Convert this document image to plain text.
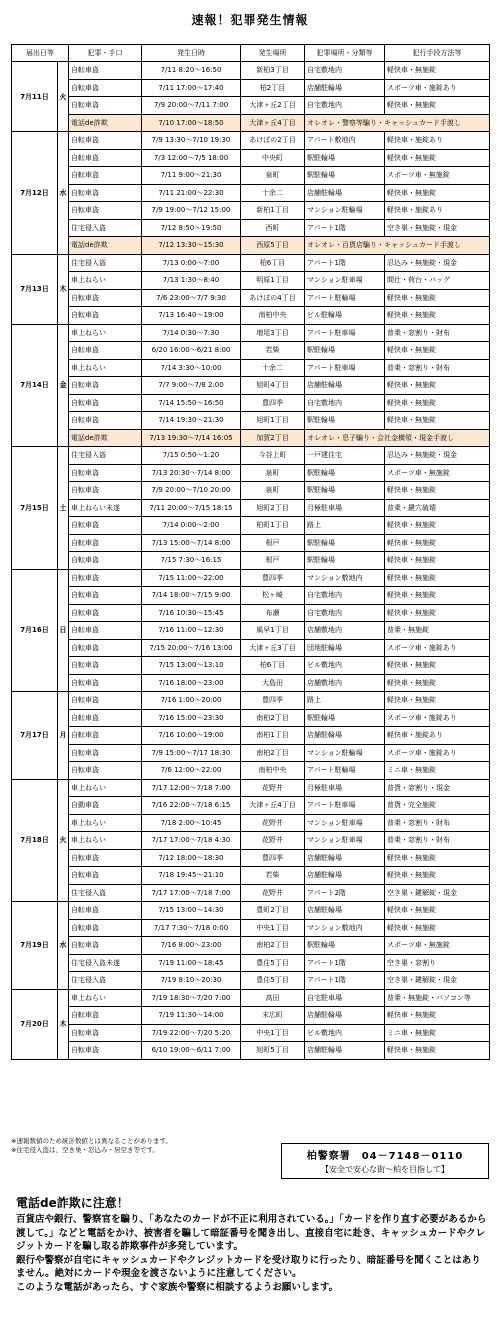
速報！犯罪発生情報
届出日等		犯罪・手口	発生日時	発生場所	犯罪場所・分類等	犯行手段方法等
7月11日	火	自転車盗	7/11 8:20～16:50	新柏3丁目	自宅敷地内	軽快車・無施錠
		自転車盗	7/11 17:00～17:40	柏2丁目	店舗駐輪場	スポーツ車・施錠あり
		自転車盗	7/9 20:00～7/11 7:00	大津ヶ丘2丁目	自宅敷地内	軽快車・無施錠
		電話de詐欺	7/10 17:00～18:50	大津ヶ丘4丁目	オレオレ・警察等騙り・キャッシュカード手渡し	
7月12日	水	自転車盗	7/9 13:30～7/10 19:30	あけぼの2丁目	アパート敷地内	軽快車・施錠あり
		自転車盗	7/3 12:00～7/5 18:00	中央町	駅駐輪場	軽快車・無施錠
		自転車盗	7/11 9:00～21:30	泉町	駅駐輪場	スポーツ車・無施錠
		自転車盗	7/11 21:00～22:30	十余二	店舗駐輪場	軽快車・無施錠
		自転車盗	7/9 19:00～7/12 15:00	新柏1丁目	マンション駐輪場	軽快車・施錠あり
		住宅侵入盗	7/12 8:50～19:50	西町	アパート1階	空き巣・無施錠・現金
		電話de詐欺	7/12 13:30～15:30	西原5丁目	オレオレ・百貨店騙り・キャッシュカード手渡し	
7月13日	木	住宅侵入盗	7/13 0:00～7:00	柏6丁目	アパート1階	忍込み・無施錠・現金
		車上ねらい	7/13 1:30～8:40	明原1丁目	マンション駐車場	間仕・荷台・バッグ
		自転車盗	7/6 23:00～7/7 9:30	あけぼの4丁目	アパート駐輪場	軽快車・無施錠
		自転車盗	7/13 16:40～19:00	南柏中央	ビル駐輪場	軽快車・無施錠
7月14日	金	車上ねらい	7/14 0:30～7:30	増尾3丁目	アパート駐車場	普乗・窓割り・財布
		自転車盗	6/20 16:00～6/21 8:00	若柴	駅駐輪場	軽快車・無施錠
		車上ねらい	7/14 3:30～10:00	十余二	アパート駐車場	普乗・窓割り・財布
		自転車盗	7/7 9:00～7/8 2:00	旭町4丁目	店舗駐輪場	軽快車・無施錠
		自転車盗	7/14 15:50～16:50	豊四季	自宅敷地内	軽快車・無施錠
		自転車盗	7/14 19:30～21:30	旭町1丁目	駅駐輪場	軽快車・無施錠
		電話de詐欺	7/13 19:30～7/14 16:05	加賀2丁目	オレオレ・息子騙り・会社金横領・現金手渡し	
7月15日	土	住宅侵入盗	7/15 0:50～1:20	今谷上町	一戸建住宅	忍込み・無施錠・現金
		自転車盗	7/13 20:30～7/14 8:00	泉町	駅駐輪場	スポーツ車・無施錠
		自転車盗	7/9 20:00～7/10 20:00	泉町	駅駐輪場	軽快車・無施錠
		車上ねらい未遂	7/11 20:00～7/15 18:15	旭町2丁目	月極駐車場	普乗・鍵穴破壊
		自転車盗	7/14 0:00～2:00	柏町1丁目	路上	軽快車・無施錠
		自転車盗	7/13 15:00～7/14 8:00	根戸	駅駐輪場	軽快車・無施錠
		自転車盗	7/15 7:30～16:15	根戸	駅駐輪場	軽快車・無施錠
7月16日	日	自転車盗	7/15 11:00～22:00	豊四季	マンション敷地内	軽快車・無施錠
		自転車盗	7/14 18:00～7/15 9:00	松ヶ崎	自宅敷地内	軽快車・無施錠
		自転車盗	7/16 10:30～15:45	布瀬	自宅敷地内	軽快車・無施錠
		自転車盗	7/16 11:00～12:30	風早1丁目	店舗敷地内	普乗・無施錠
		自転車盗	7/15 20:00～7/16 13:00	大津ヶ丘3丁目	団地駐輪場	スポーツ車・施錠あり
		自転車盗	7/15 13:00～13:10	柏6丁目	ビル敷地内	軽快車・無施錠
		自転車盗	7/16 18:00～23:00	大島田	店舗敷地内	軽快車・無施錠
7月17日	月	自転車盗	7/16 1:00～20:00	豊四季	路上	軽快車・無施錠
		自転車盗	7/16 15:00～23:30	南柏2丁目	駅駐輪場	スポーツ車・施錠あり
		自転車盗	7/16 10:00～19:00	南柏1丁目	店舗駐輪場	軽快車・施錠あり
		自転車盗	7/9 15:00～7/17 18:30	南柏2丁目	マンション駐輪場	スポーツ車・施錠あり
		自転車盗	7/6 12:00～22:00	南柏中央	アパート駐輪場	ミニ車・無施錠
7月18日	火	車上ねらい	7/17 12:00～7/18 7:00	花野井	月極駐車場	普貨・窓割り・現金
		自動車盗	7/16 22:00～7/18 6:15	大津ヶ丘4丁目	アパート駐車場	普貨・完全施錠
		車上ねらい	7/18 2:00～10:45	花野井	マンション駐車場	普乗・窓割り・財布
		車上ねらい	7/17 17:00～7/18 4:30	花野井	マンション駐車場	普乗・窓割り・財布
		自転車盗	7/12 18:00～18:30	豊四季	店舗駐輪場	軽快車・無施錠
		自転車盗	7/18 19:45～21:10	若柴	店舗駐輪場	軽快車・無施錠
		住宅侵入盗	7/17 17:00～7/18 7:00	花野井	アパート2階	空き巣・鍵解錠・現金
7月19日	水	自転車盗	7/15 13:00～14:30	豊町2丁目	店舗駐輪場	軽快車・無施錠
		自転車盗	7/17 7:30～7/18 0:00	中央1丁目	マンション敷地内	軽快車・無施錠
		自転車盗	7/16 8:00～23:00	南柏2丁目	駅駐輪場	スポーツ車・無施錠
		住宅侵入盗未遂	7/19 11:00～18:45	豊住5丁目	アパート1階	空き巣・窓割り
		住宅侵入盗	7/19 8:10～20:30	豊住5丁目	アパート1階	空き巣・鍵解錠・現金
7月20日	木	車上ねらい	7/19 18:30～7/20 7:00	高田	自宅駐車場	普乗・無施錠・パソコン等
		自転車盗	7/19 11:30～14:00	末広町	店舗駐輪場	軽快車・無施錠
		自転車盗	7/19 22:00～7/20 5:20	中央1丁目	ビル敷地内	ミニ車・無施錠
		自転車盗	6/10 19:00～6/11 7:00	旭町5丁目	店舗駐輪場	軽快車・無施錠
※速報数値のため統計数値とは異なることがあります。
※住宅侵入盗は、空き巣・忍込み・居空き等です。
柏警察署　04－7148－0110
【安全で安心な街～柏を目指して】
電話de詐欺に注意！

百貨店や銀行、警察官を騙り、「あなたのカードが不正に利用されている。」「カードを作り直す必要があるから渡して。」などと電話をかけ、被害者を騙して暗証番号を聞き出し、直接自宅に赴き、キャッシュカードやクレジットカードを騙し取る詐欺事件が多発しています。

銀行や警察が自宅にキャッシュカードやクレジットカードを受け取りに行ったり、暗証番号を聞くことはありません。絶対にカードや現金を渡さないように注意してください。

このような電話があったら、すぐ家族や警察に相談するようお願いします。
